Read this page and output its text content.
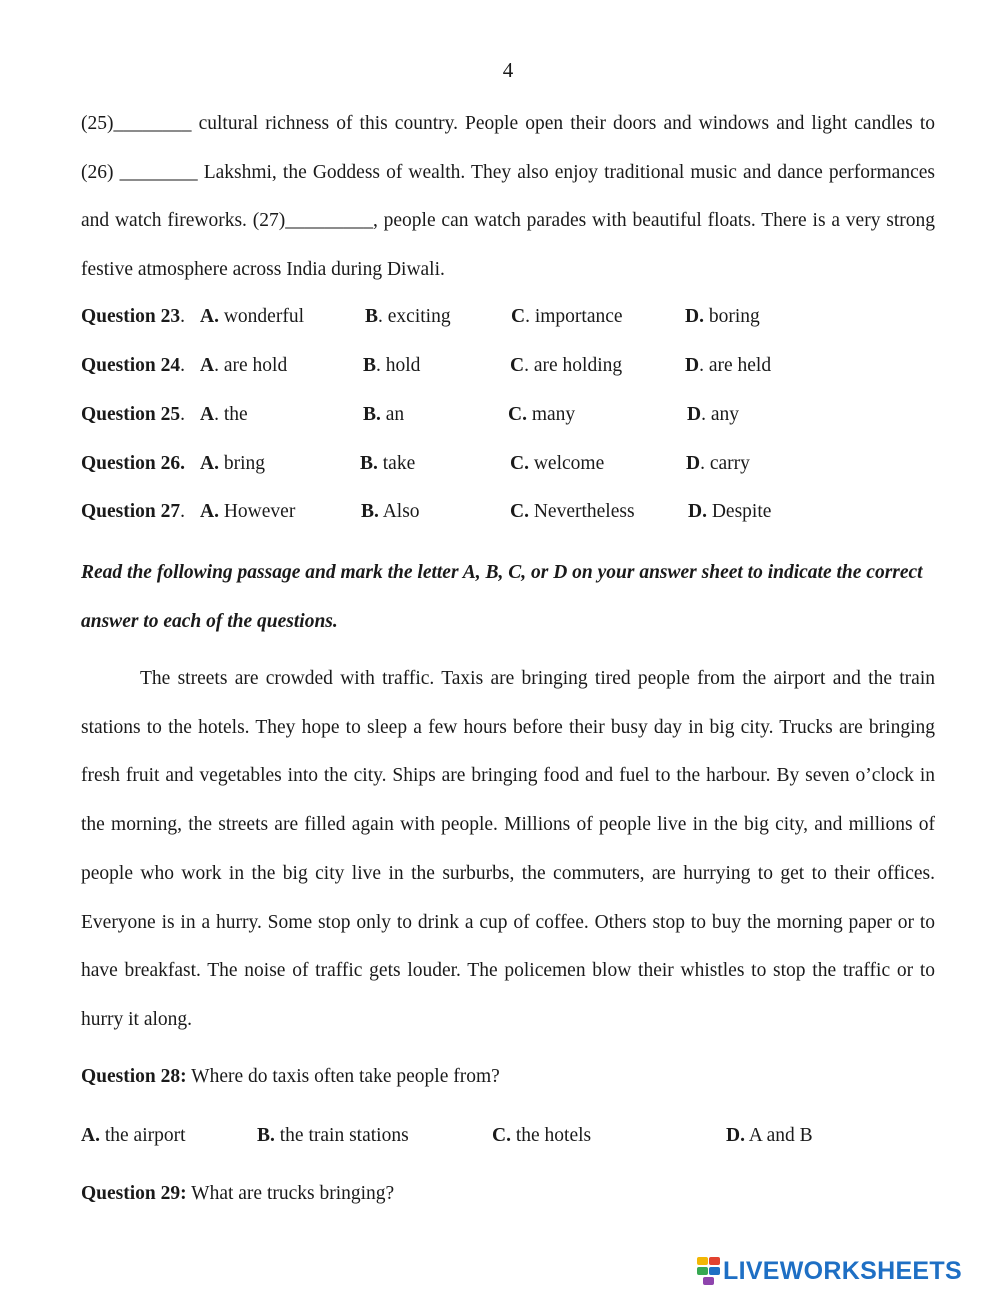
4

(25)________ cultural richness of this country. People open their doors and windows and light candles to (26) ________ Lakshmi, the Goddess of wealth. They also enjoy traditional music and dance performances and watch fireworks. (27)_________, people can watch parades with beautiful floats. There is a very strong festive atmosphere across India during Diwali.

Question 23. A. wonderful	B. exciting	C. importance	D. boring
Question 24. A. are hold	B. hold	C. are holding	D. are held
Question 25. A. the	B. an	C. many	D. any
Question 26. A. bring	B. take	C. welcome	D. carry
Question 27. A. However	B. Also	C. Nevertheless	D. Despite

Read the following passage and mark the letter A, B, C, or D on your answer sheet to indicate the correct answer to each of the questions.

The streets are crowded with traffic. Taxis are bringing tired people from the airport and the train stations to the hotels. They hope to sleep a few hours before their busy day in big city. Trucks are bringing fresh fruit and vegetables into the city. Ships are bringing food and fuel to the harbour. By seven o’clock in the morning, the streets are filled again with people. Millions of people live in the big city, and millions of people who work in the big city live in the surburbs, the commuters, are hurrying to get to their offices. Everyone is in a hurry. Some stop only to drink a cup of coffee. Others stop to buy the morning paper or to have breakfast. The noise of traffic gets louder. The policemen blow their whistles to stop the traffic or to hurry it along.

Question 28: Where do taxis often take people from?
A. the airport	B. the train stations	C. the hotels	D. A and B
Question 29: What are trucks bringing?
LIVEWORKSHEETS
